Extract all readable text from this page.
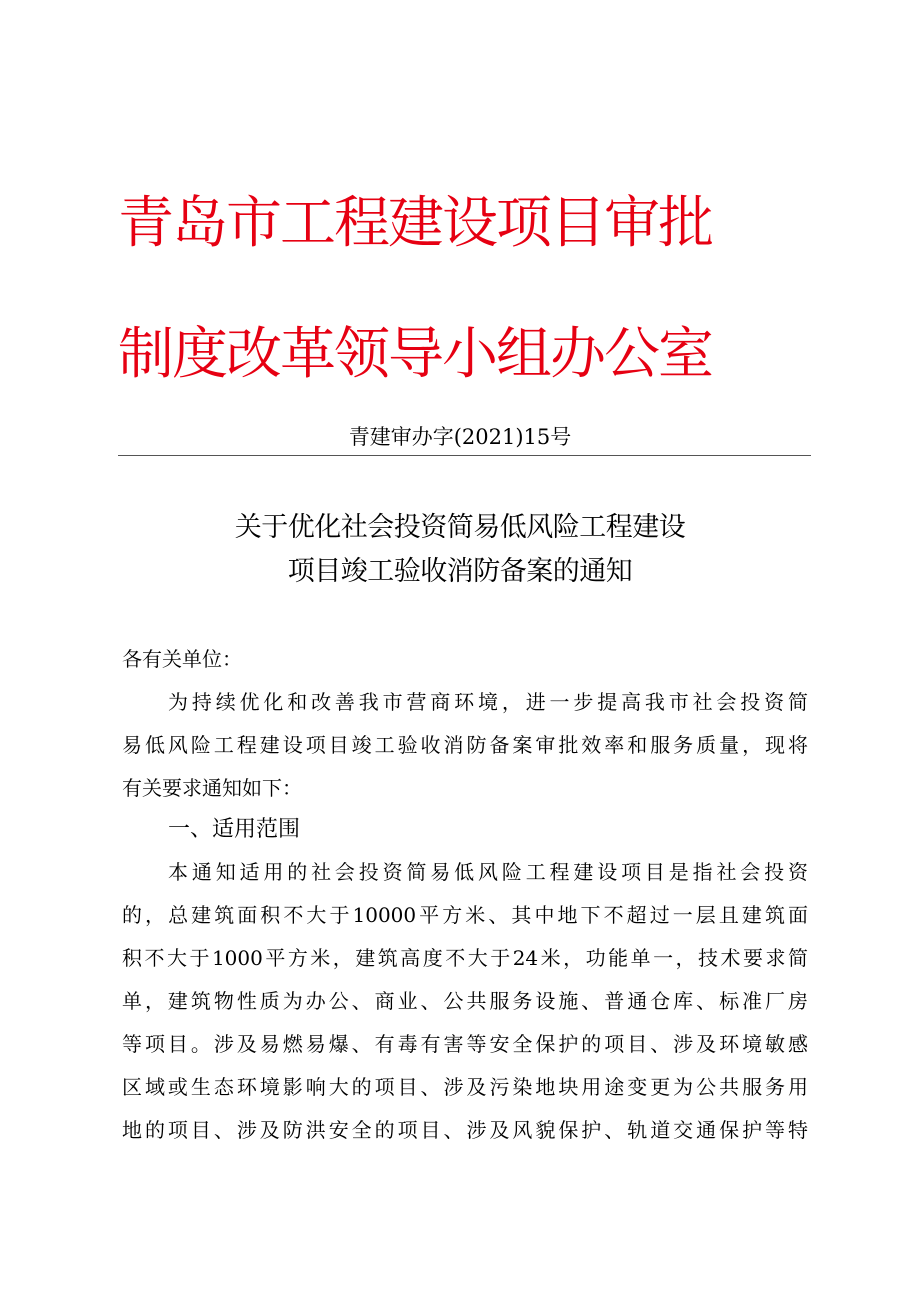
青岛市工程建设项目审批
制度改革领导小组办公室
青建审办字(2021)15号
关于优化社会投资简易低风险工程建设
项目竣工验收消防备案的通知
各有关单位：
为持续优化和改善我市营商环境，进一步提高我市社会投资简
易低风险工程建设项目竣工验收消防备案审批效率和服务质量，现将
有关要求通知如下：
一、适用范围
本通知适用的社会投资简易低风险工程建设项目是指社会投资
的，总建筑面积不大于10000平方米、其中地下不超过一层且建筑面
积不大于1000平方米，建筑高度不大于24米，功能单一，技术要求简
单，建筑物性质为办公、商业、公共服务设施、普通仓库、标准厂房
等项目。涉及易燃易爆、有毒有害等安全保护的项目、涉及环境敏感
区域或生态环境影响大的项目、涉及污染地块用途变更为公共服务用
地的项目、涉及防洪安全的项目、涉及风貌保护、轨道交通保护等特
